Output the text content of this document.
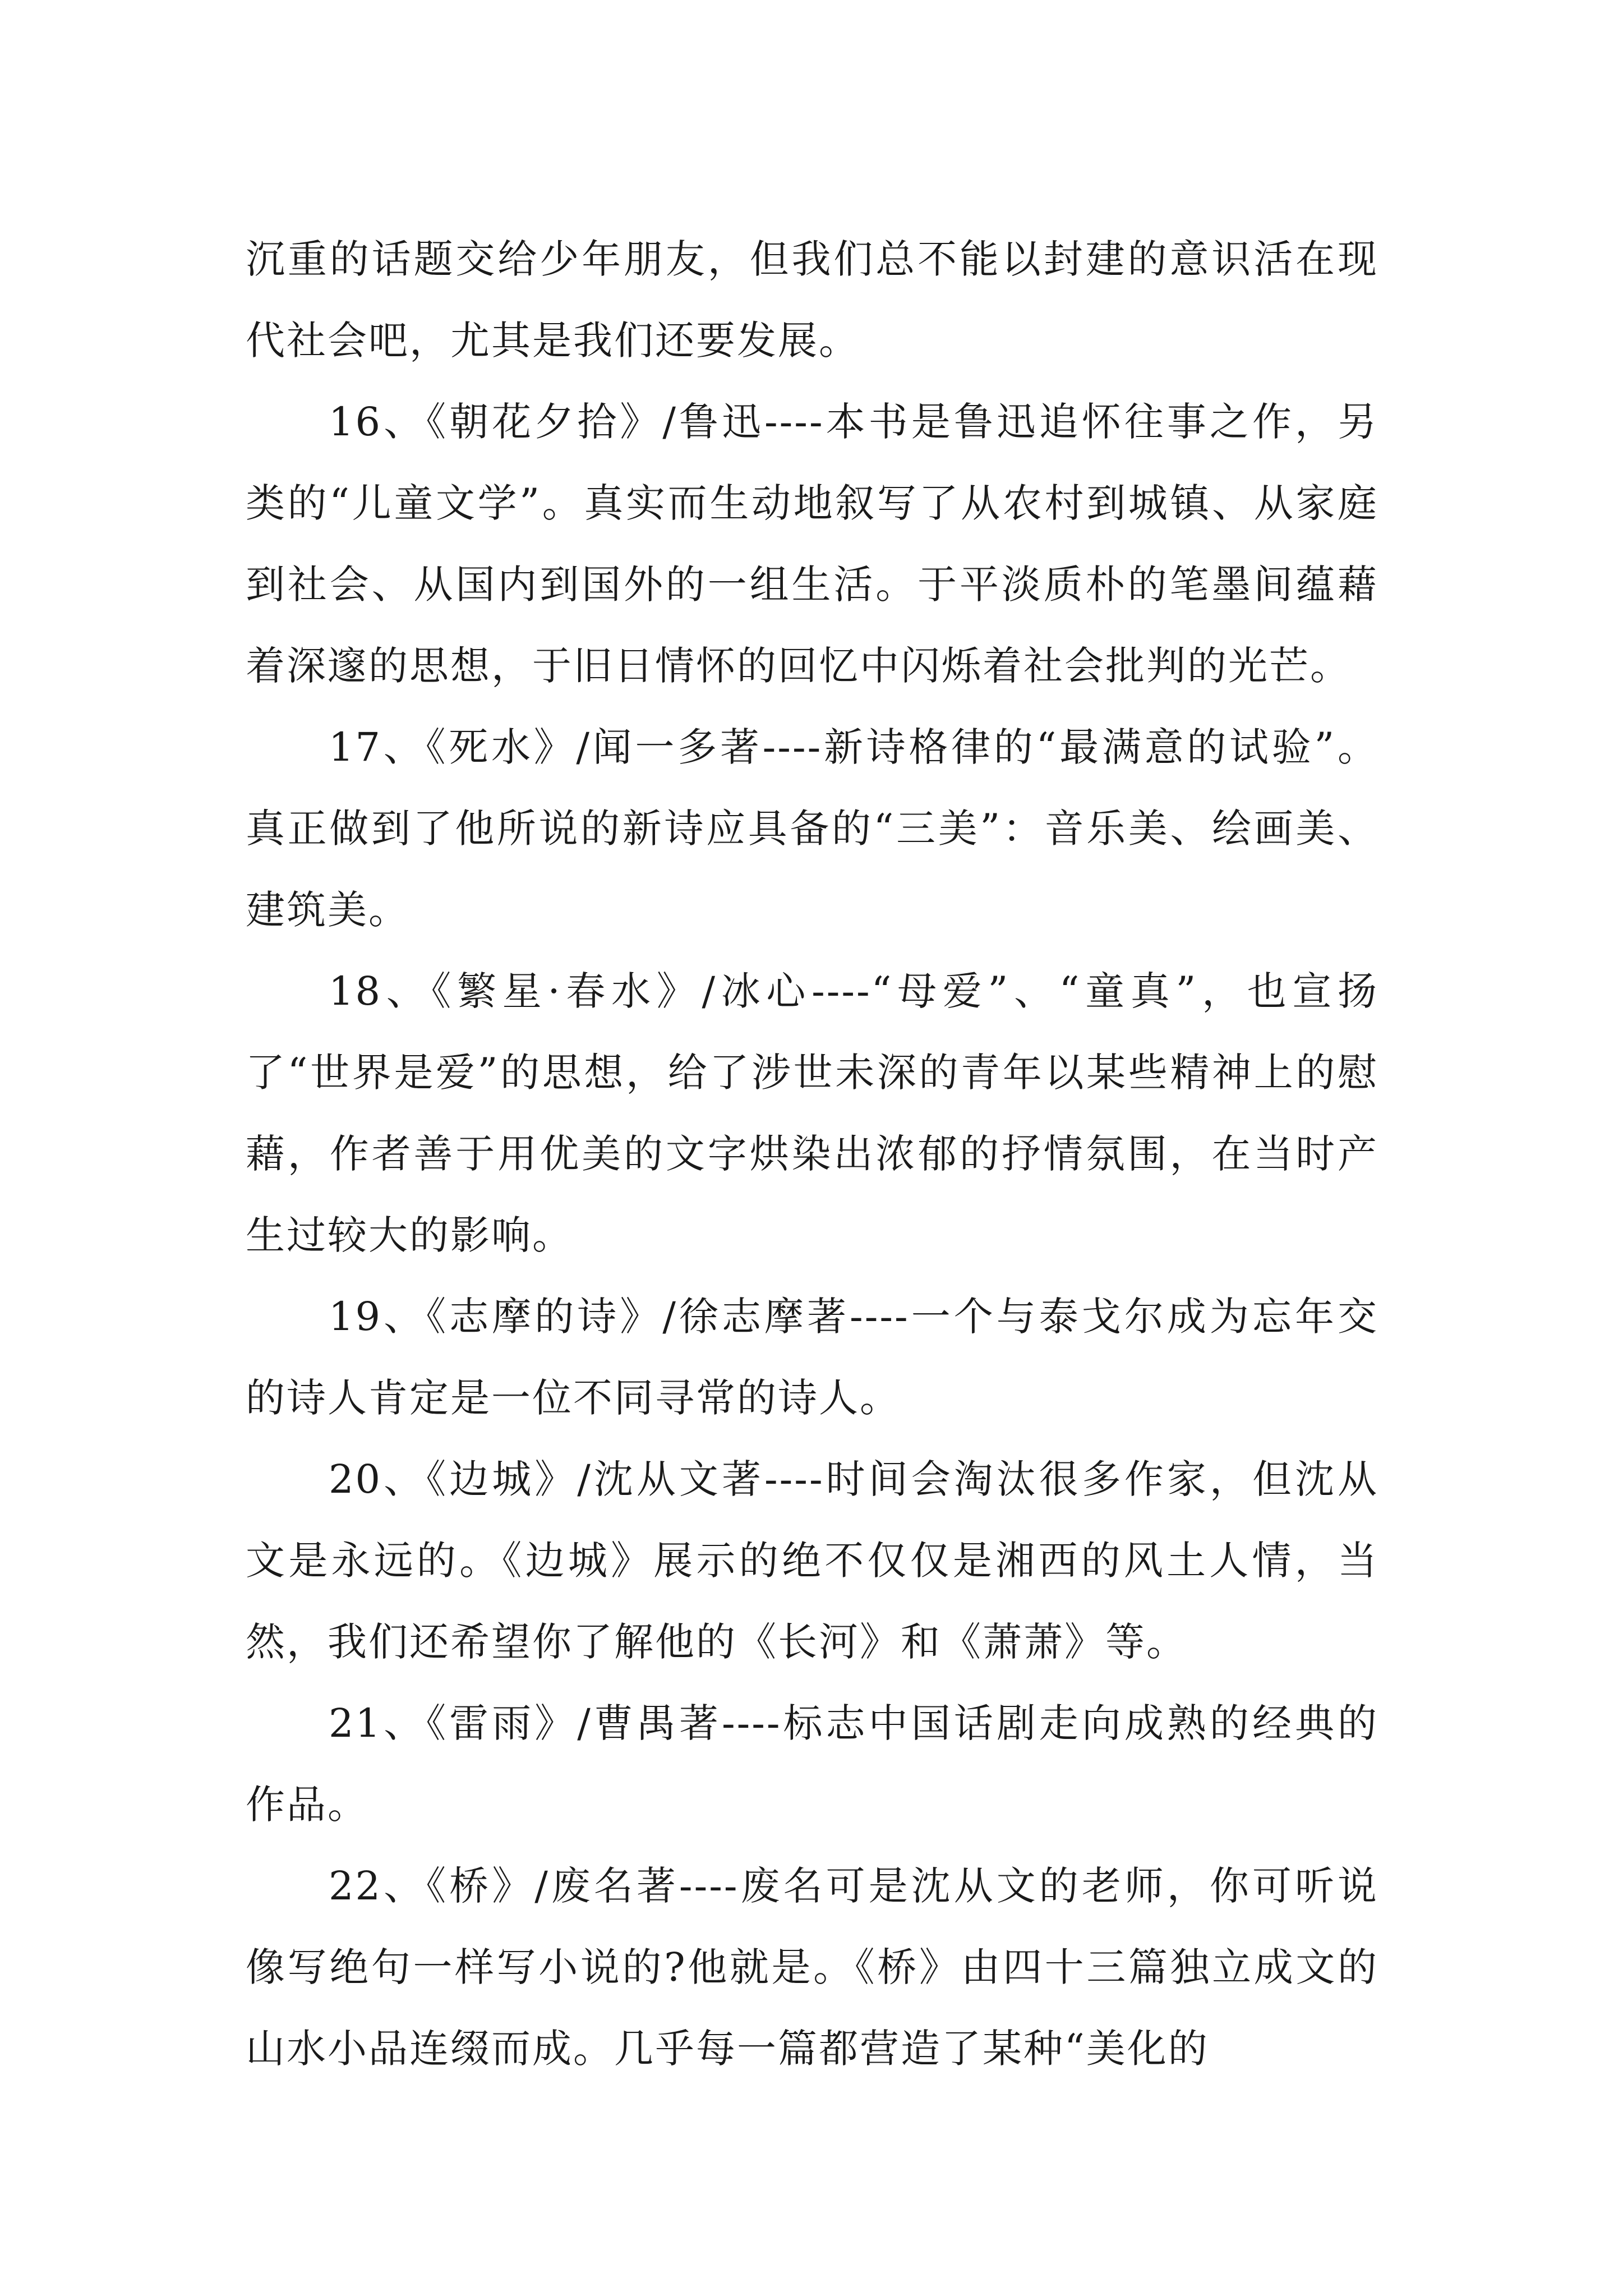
沉重的话题交给少年朋友，但我们总不能以封建的意识活在现代社会吧，尤其是我们还要发展。

16、《朝花夕拾》/鲁迅----本书是鲁迅追怀往事之作，另类的“儿童文学”。真实而生动地叙写了从农村到城镇、从家庭到社会、从国内到国外的一组生活。于平淡质朴的笔墨间蕴藉着深邃的思想，于旧日情怀的回忆中闪烁着社会批判的光芒。

17、《死水》/闻一多著----新诗格律的“最满意的试验”。真正做到了他所说的新诗应具备的“三美”：音乐美、绘画美、建筑美。

18、《繁星·春水》/冰心----“母爱”、“童真”，也宣扬了“世界是爱”的思想，给了涉世未深的青年以某些精神上的慰藉，作者善于用优美的文字烘染出浓郁的抒情氛围，在当时产生过较大的影响。

19、《志摩的诗》/徐志摩著----一个与泰戈尔成为忘年交的诗人肯定是一位不同寻常的诗人。

20、《边城》/沈从文著----时间会淘汰很多作家，但沈从文是永远的。《边城》展示的绝不仅仅是湘西的风土人情，当然，我们还希望你了解他的《长河》和《萧萧》等。

21、《雷雨》/曹禺著----标志中国话剧走向成熟的经典的作品。

22、《桥》/废名著----废名可是沈从文的老师，你可听说像写绝句一样写小说的?他就是。《桥》由四十三篇独立成文的山水小品连缀而成。几乎每一篇都营造了某种“美化的
